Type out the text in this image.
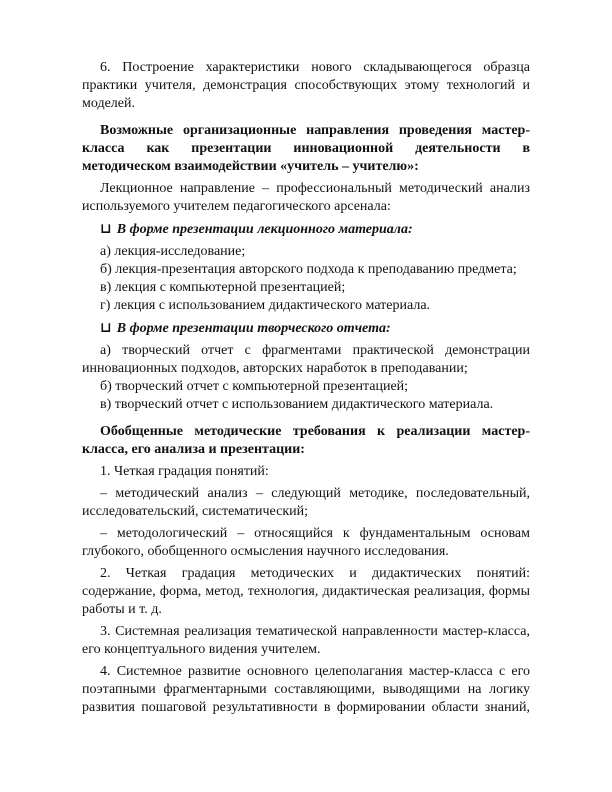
6. Построение характеристики нового складывающегося образца практики учителя, демонстрация способствующих этому технологий и моделей.

Возможные организационные направления проведения мастер-класса как презентации инновационной деятельности в методическом взаимодействии «учитель – учителю»:

Лекционное направление – профессиональный методический анализ используемого учителем педагогического арсенала:

⊔ В форме презентации лекционного материала:

а) лекция-исследование;

б) лекция-презентация авторского подхода к преподаванию предмета;

в) лекция с компьютерной презентацией;

г) лекция с использованием дидактического материала.

⊔ В форме презентации творческого отчета:

а) творческий отчет с фрагментами практической демонстрации инновационных подходов, авторских наработок в преподавании;

б) творческий отчет с компьютерной презентацией;

в) творческий отчет с использованием дидактического материала.

Обобщенные методические требования к реализации мастер-класса, его анализа и презентации:

1. Четкая градация понятий:

– методический анализ – следующий методике, последовательный, исследовательский, систематический;

– методологический – относящийся к фундаментальным основам глубокого, обобщенного осмысления научного исследования.

2. Четкая градация методических и дидактических понятий: содержание, форма, метод, технология, дидактическая реализация, формы работы и т. д.

3. Системная реализация тематической направленности мастер-класса, его концептуального видения учителем.

4. Системное развитие основного целеполагания мастер-класса с его поэтапными фрагментарными составляющими, выводящими на логику развития пошаговой результативности в формировании области знаний,
